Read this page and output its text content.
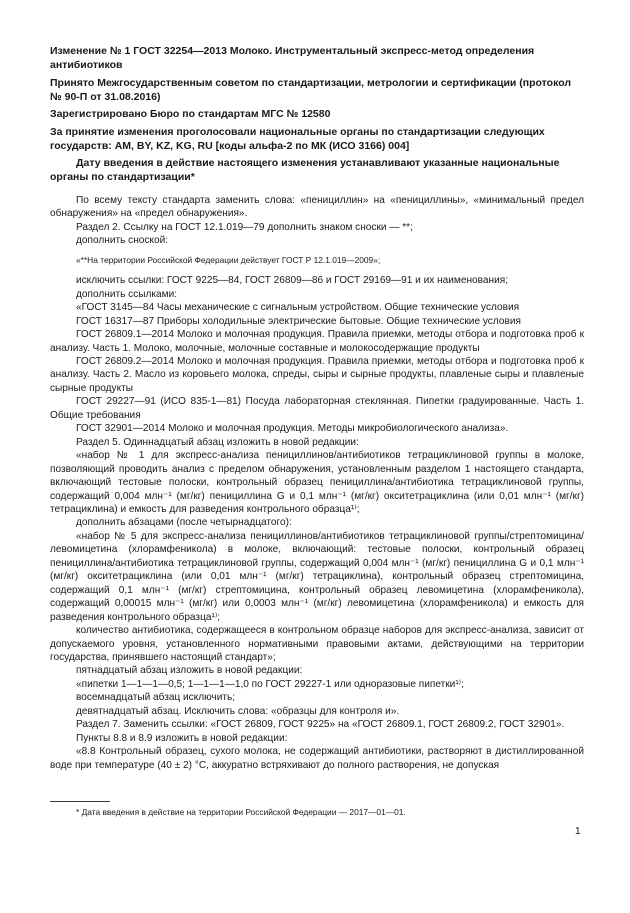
Изменение № 1 ГОСТ 32254—2013 Молоко. Инструментальный экспресс-метод определения антибиотиков
Принято Межгосударственным советом по стандартизации, метрологии и сертификации (протокол № 90-П от 31.08.2016)
Зарегистрировано Бюро по стандартам МГС № 12580
За принятие изменения проголосовали национальные органы по стандартизации следующих государств: AM, BY, KZ, KG, RU [коды альфа-2 по МК (ИСО 3166) 004]
Дату введения в действие настоящего изменения устанавливают указанные национальные органы по стандартизации*

По всему тексту стандарта заменить слова: «пенициллин» на «пенициллины», «минимальный предел обнаружения» на «предел обнаружения».

Раздел 2. Ссылку на ГОСТ 12.1.019—79 дополнить знаком сноски — **;

дополнить сноской:

«**На территории Российской Федерации действует ГОСТ Р 12.1.019—2009»;

исключить ссылки: ГОСТ 9225—84, ГОСТ 26809—86 и ГОСТ 29169—91 и их наименования;

дополнить ссылками:

«ГОСТ 3145—84 Часы механические с сигнальным устройством. Общие технические условия

ГОСТ 16317—87 Приборы холодильные электрические бытовые. Общие технические условия

ГОСТ 26809.1—2014 Молоко и молочная продукция. Правила приемки, методы отбора и подготовка проб к анализу. Часть 1. Молоко, молочные, молочные составные и молокосодержащие продукты

ГОСТ 26809.2—2014 Молоко и молочная продукция. Правила приемки, методы отбора и подготовка проб к анализу. Часть 2. Масло из коровьего молока, спреды, сыры и сырные продукты, плавленые сыры и плавленые сырные продукты

ГОСТ 29227—91 (ИСО 835-1—81) Посуда лабораторная стеклянная. Пипетки градуированные. Часть 1. Общие требования

ГОСТ 32901—2014 Молоко и молочная продукция. Методы микробиологического анализа».

Раздел 5. Одиннадцатый абзац изложить в новой редакции:

«набор № 1 для экспресс-анализа пенициллинов/антибиотиков тетрациклиновой группы в молоке, позволяющий проводить анализ с пределом обнаружения, установленным разделом 1 настоящего стандарта, включающий тестовые полоски, контрольный образец пенициллина/антибиотика тетрациклиновой группы, содержащий 0,004 млн⁻¹ (мг/кг) пенициллина G и 0,1 млн⁻¹ (мг/кг) окситетрациклина (или 0,01 млн⁻¹ (мг/кг) тетрациклина) и емкость для разведения контрольного образца¹⁾;

дополнить абзацами (после четырнадцатого):

«набор № 5 для экспресс-анализа пенициллинов/антибиотиков тетрациклиновой группы/стрептомицина/левомицетина (хлорамфеникола) в молоке, включающий: тестовые полоски, контрольный образец пенициллина/антибиотика тетрациклиновой группы, содержащий 0,004 млн⁻¹ (мг/кг) пенициллина G и 0,1 млн⁻¹ (мг/кг) окситетрациклина (или 0,01 млн⁻¹ (мг/кг) тетрациклина), контрольный образец стрептомицина, содержащий 0,1 млн⁻¹ (мг/кг) стрептомицина, контрольный образец левомицетина (хлорамфеникола), содержащий 0,00015 млн⁻¹ (мг/кг) или 0,0003 млн⁻¹ (мг/кг) левомицетина (хлорамфеникола) и емкость для разведения контрольного образца¹⁾;

количество антибиотика, содержащееся в контрольном образце наборов для экспресс-анализа, зависит от допускаемого уровня, установленного нормативными правовыми актами, действующими на территории государства, принявшего настоящий стандарт»;

пятнадцатый абзац изложить в новой редакции:

«пипетки 1—1—1—0,5; 1—1—1—1,0 по ГОСТ 29227-1 или одноразовые пипетки¹⁾;

восемнадцатый абзац исключить;

девятнадцатый абзац. Исключить слова: «образцы для контроля и».

Раздел 7. Заменить ссылки: «ГОСТ 26809, ГОСТ 9225» на «ГОСТ 26809.1, ГОСТ 26809.2, ГОСТ 32901».

Пункты 8.8 и 8.9 изложить в новой редакции:

«8.8 Контрольный образец, сухого молока, не содержащий антибиотики, растворяют в дистиллированной воде при температуре (40 ± 2) °С, аккуратно встряхивают до полного растворения, не допуская

* Дата введения в действие на территории Российской Федерации — 2017—01—01.
1
